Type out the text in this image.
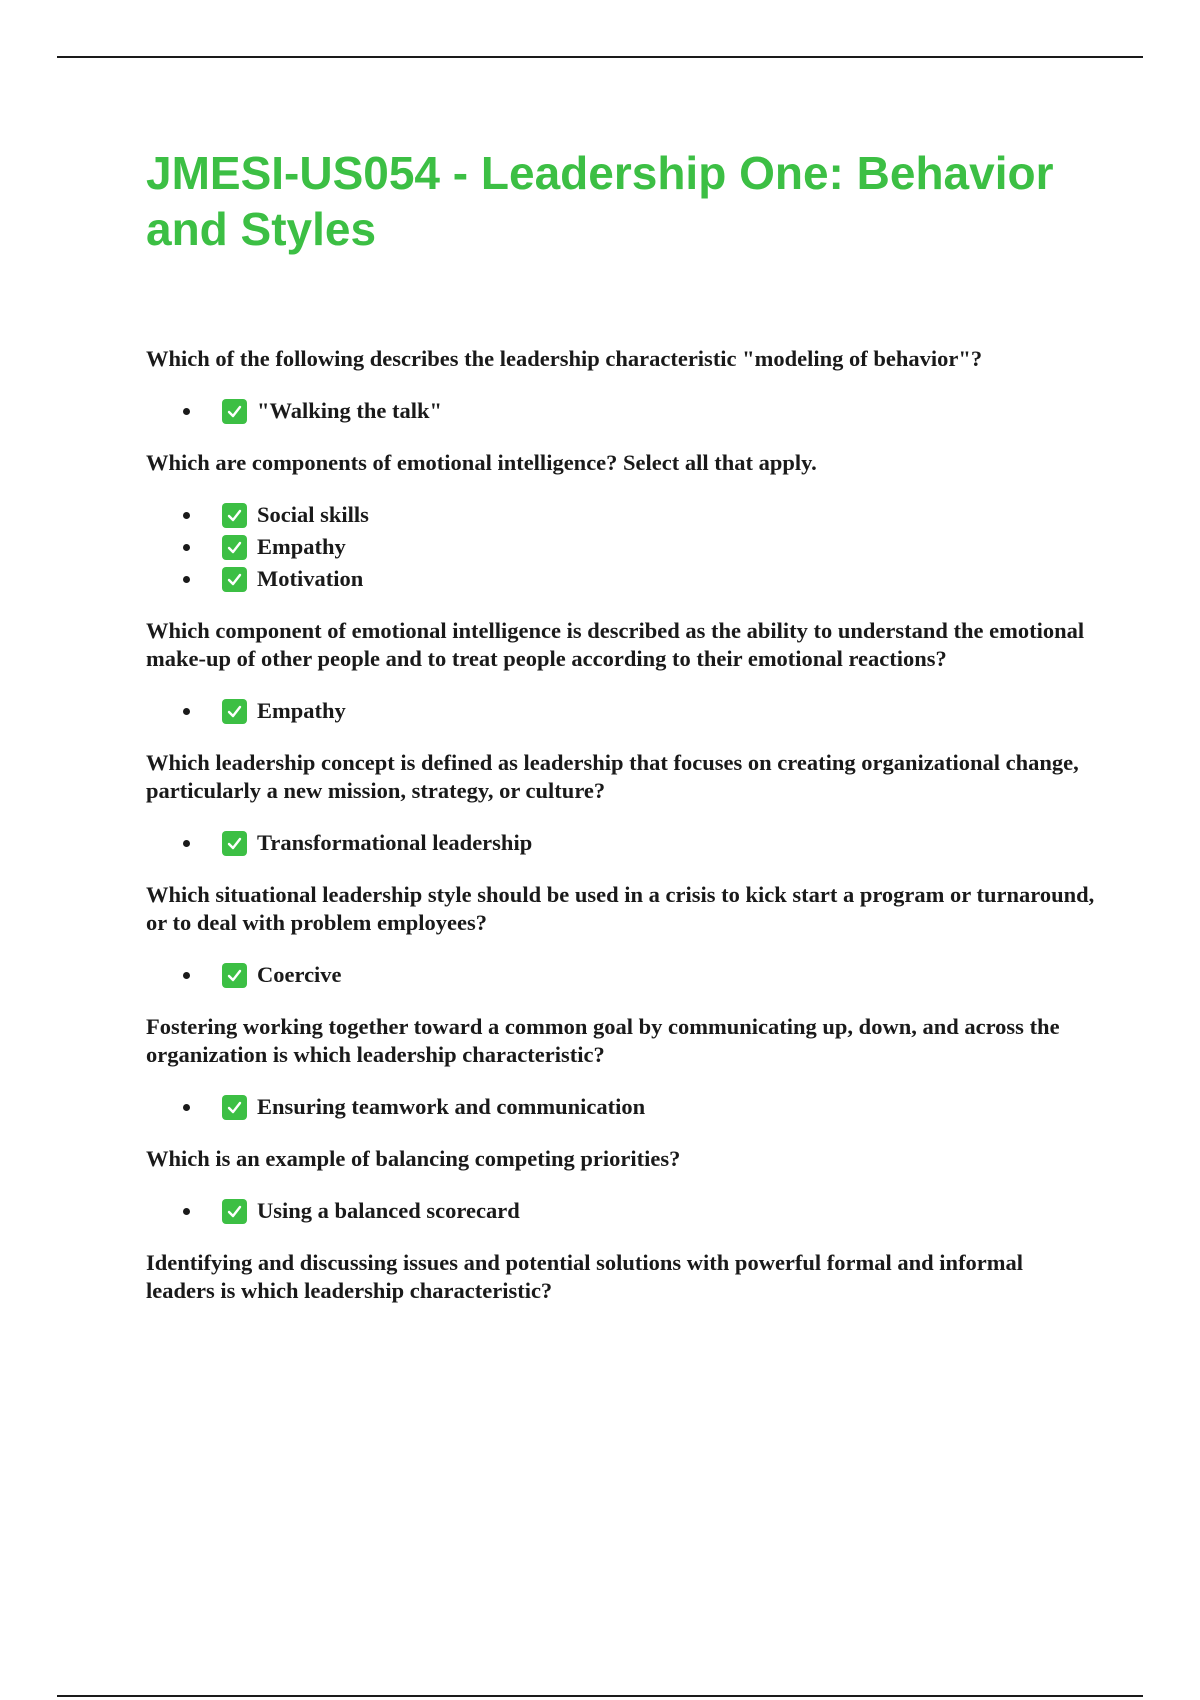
JMESI-US054 - Leadership One: Behavior and Styles

Which of the following describes the leadership characteristic "modeling of behavior"?

"Walking the talk"

Which are components of emotional intelligence? Select all that apply.

Social skills
Empathy
Motivation

Which component of emotional intelligence is described as the ability to understand the emotional make-up of other people and to treat people according to their emotional reactions?

Empathy

Which leadership concept is defined as leadership that focuses on creating organizational change, particularly a new mission, strategy, or culture?

Transformational leadership

Which situational leadership style should be used in a crisis to kick start a program or turnaround, or to deal with problem employees?

Coercive

Fostering working together toward a common goal by communicating up, down, and across the organization is which leadership characteristic?

Ensuring teamwork and communication

Which is an example of balancing competing priorities?

Using a balanced scorecard

Identifying and discussing issues and potential solutions with powerful formal and informal leaders is which leadership characteristic?
